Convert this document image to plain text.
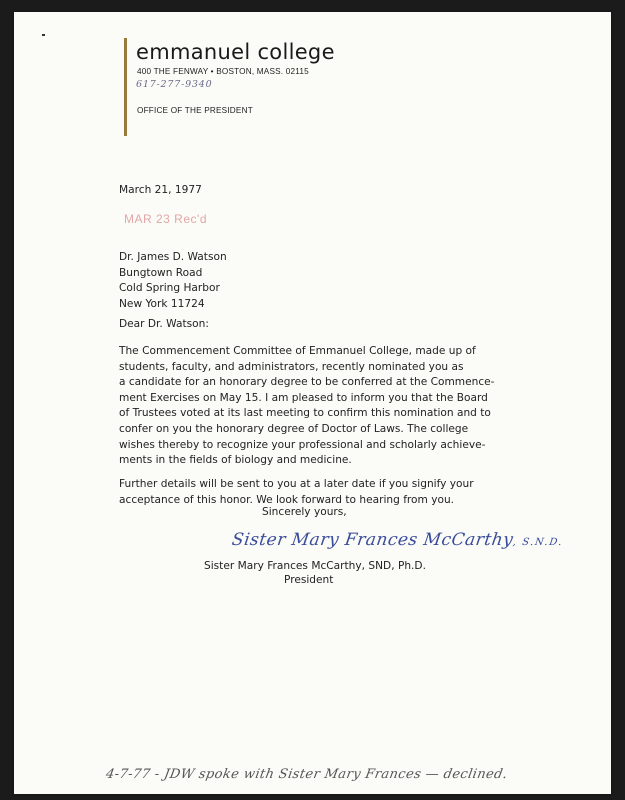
emmanuel college
400 THE FENWAY • BOSTON, MASS. 02115
617-277-9340
OFFICE OF THE PRESIDENT
March 21, 1977
MAR 23 Rec'd
Dr. James D. Watson
Bungtown Road
Cold Spring Harbor
New York 11724
Dear Dr. Watson:
The Commencement Committee of Emmanuel College, made up of
students, faculty, and administrators, recently nominated you as
a candidate for an honorary degree to be conferred at the Commence-
ment Exercises on May 15. I am pleased to inform you that the Board
of Trustees voted at its last meeting to confirm this nomination and to
confer on you the honorary degree of Doctor of Laws. The college
wishes thereby to recognize your professional and scholarly achieve-
ments in the fields of biology and medicine.
Further details will be sent to you at a later date if you signify your
acceptance of this honor. We look forward to hearing from you.
Sincerely yours,
Sister Mary Frances McCarthy, S.N.D.
Sister Mary Frances McCarthy, SND, Ph.D.
President
4-7-77 - JDW spoke with Sister Mary Frances — declined.
